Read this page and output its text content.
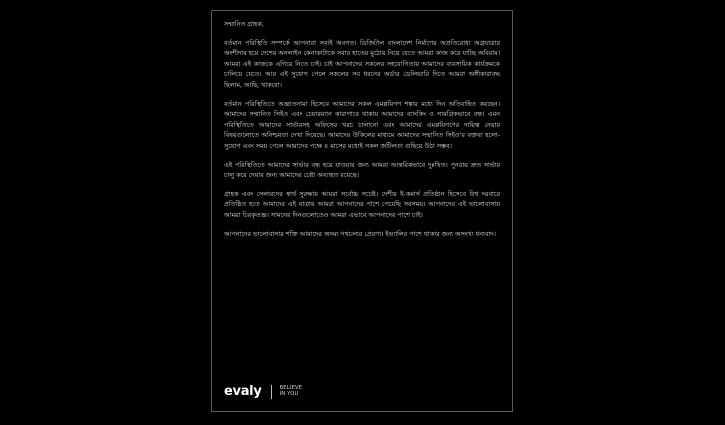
সম্মানিত গ্রাহক,

বর্তমান পরিস্থিতি সম্পর্কে আপনারা সবাই অবগত। ডিজিটাল বাংলাদেশ নির্মাণের অপ্রতিরোধ্য অগ্রযাত্রার অংশীদার হয়ে দেশের অনলাইন কেনাকাটাকে সবার হাতের মুঠোয় নিয়ে যেতে আমরা কাজ করে যাচ্ছি অবিরাম। আমরা এই কাজকে এগিয়ে নিতে চাই। চাই আপনাদের সকলের সহযোগিতায় আমাদের ব্যবসায়িক কার্যক্রমকে চালিয়ে যেতে। আর এই সুযোগ পেলে সকলের সব ধরনের অর্ডার ডেলিভারি দিতে আমরা অঙ্গীকারাবদ্ধ ছিলাম, আছি, থাকবো।

বর্তমান পরিস্থিতিতে অজ্ঞাতনামা হিসেবে আমাদের সকল এমপ্লয়িগণ শঙ্কার মধ্যে দিন অতিবাহিত করছেন। আমাদের সম্মানিত সিইও এবং চেয়ারম্যান কারাগারে থাকায় আমাদের ব্যাংকিং ও সামগ্রিকভাবে বন্ধ। এমন পরিস্থিতিতে আমাদের সার্ভারসহ অফিসের খরচ চালানো এবং আমাদের এমপ্লয়িগণের দায়িত্ব নেয়ার বিষয়গুলোতে অনিশ্চয়তা দেখা দিয়েছে। আমাদের উকিলের মাধ্যমে আমাদের সম্মানিত সিইও'র বক্তব্য হলো- সুযোগ এবং সময় পেলে আমাদের পক্ষে ৪ মাসের মধ্যেই সকল জটিলতা গুছিয়ে উঠা সম্ভব।

এই পরিস্থিতিতে আমাদের সার্ভার বন্ধ হয়ে যাওয়ার জন্য আমরা আন্তরিকভাবে দুঃখিত। পুনরায় দ্রুত সার্ভার চালু করে দেয়ার জন্য আমাদের চেষ্টা অব্যাহত রয়েছে।

গ্রাহক এবং সেলারদের স্বার্থ সুরক্ষায় আমরা সর্বোচ্চ সচেষ্ট। দেশীয় ই-কমার্স প্রতিষ্ঠান হিসেবে বিশ্ব দরবারে প্রতিষ্ঠিত হতে আমাদের এই যাত্রায় আমরা আপনাদের পাশে পেয়েছি সবসময়। আপনাদের এই ভালোবাসায় আমরা চিরকৃতজ্ঞ। সামনের দিনগুলোতেও আমরা এভাবে আপনাদের পাশে চাই।

আপনাদের ভালোবাসার শক্তি আমাদের অদম্য পথচলার প্রেরণা। ইভ্যালির পাশে থাকার জন্য অসংখ্য ধন্যবাদ।

evaly	BELIEVE
IN YOU
